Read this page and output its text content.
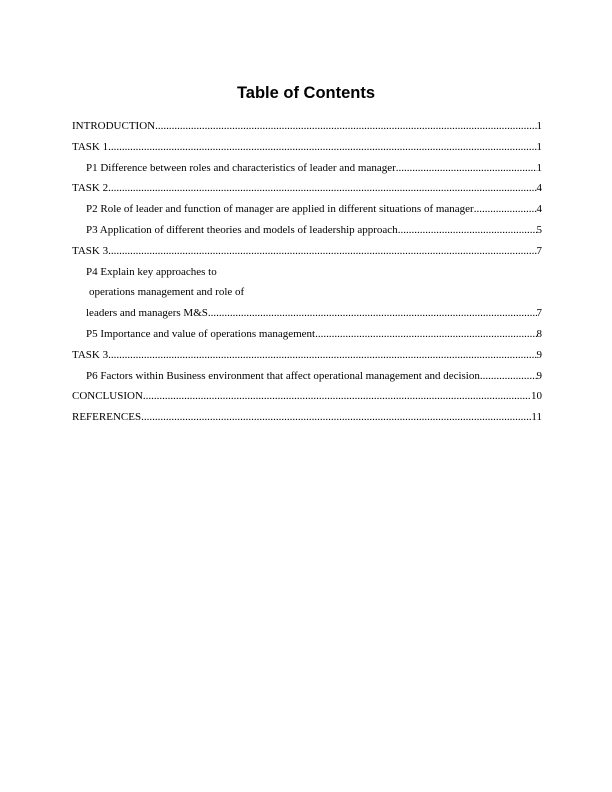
Table of Contents
INTRODUCTION .....	1
TASK 1 .....	1
P1 Difference between roles and characteristics of leader and manager .....	1
TASK 2 .....	4
P2 Role of leader and function of manager are applied in different situations of manager .....	4
P3 Application of different theories and models of leadership approach .....	5
TASK 3 .....	7
P4 Explain key approaches to
operations management and role of
leaders and managers M&S .....	7
P5 Importance and value of operations management .....	8
TASK 3 .....	9
P6 Factors within Business environment that affect operational management and decision .....	9
CONCLUSION .....	10
REFERENCES .....	11
